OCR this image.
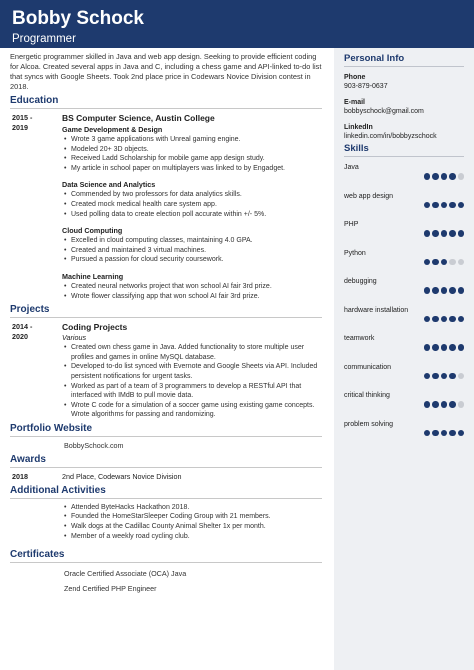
Bobby Schock
Programmer

Energetic programmer skilled in Java and web app design. Seeking to provide efficient coding for Alcoa. Created several apps in Java and C, including a chess game and API-linked to-do list that syncs with Google Sheets. Took 2nd place price in Codewars Novice Division contest in 2018.

Education
2015 -
2019
BS Computer Science, Austin College
Game Development & Design
• Wrote 3 game applications with Unreal gaming engine.
• Modeled 20+ 3D objects.
• Received Ladd Scholarship for mobile game app design study.
• My article in school paper on multiplayers was linked to by Engadget.
Data Science and Analytics
• Commended by two professors for data analytics skills.
• Created mock medical health care system app.
• Used polling data to create election poll accurate within +/- 5%.
Cloud Computing
• Excelled in cloud computing classes, maintaining 4.0 GPA.
• Created and maintained 3 virtual machines.
• Pursued a passion for cloud security coursework.
Machine Learning
• Created neural networks project that won school AI fair 3rd prize.
• Wrote flower classifying app that won school AI fair 3rd prize.
Projects
2014 -
2020
Coding Projects
Various
• Created own chess game in Java. Added functionality to store multiple user profiles and games in online MySQL database.
• Developed to-do list synced with Evernote and Google Sheets via API. Included persistent notifications for urgent tasks.
• Worked as part of a team of 3 programmers to develop a RESTful API that interfaced with IMdB to pull movie data.
• Wrote C code for a simulation of a soccer game using existing game concepts. Wrote algorithms for passing and randomizing.
Portfolio Website
BobbySchock.com
Awards
2018	2nd Place, Codewars Novice Division
Additional Activities
• Attended ByteHacks Hackathon 2018.
• Founded the HomeStarSleeper Coding Group with 21 members.
• Walk dogs at the Cadillac County Animal Shelter 1x per month.
• Member of a weekly road cycling club.
Certificates
Oracle Certified Associate (OCA) Java
Zend Certified PHP Engineer
Personal Info
Phone
903-879-0637
E-mail
bobbyschock@gmail.com
LinkedIn
linkedin.com/in/bobbyzschock
Skills
Java
web app design
PHP
Python
debugging
hardware installation
teamwork
communication
critical thinking
problem solving
